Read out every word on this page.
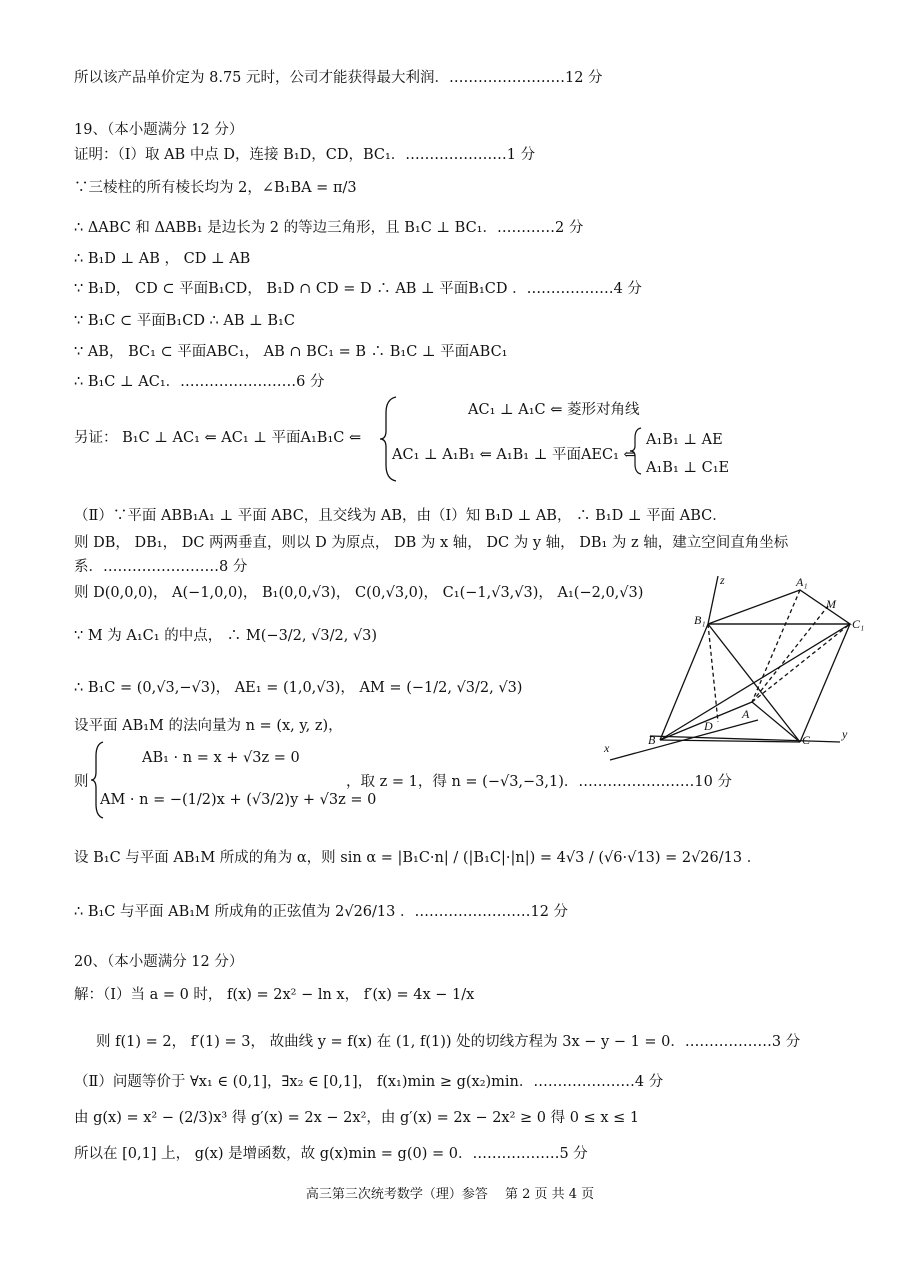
所以该产品单价定为 8.75 元时，公司才能获得最大利润．……………………12 分
19、（本小题满分 12 分）
证明：（Ⅰ）取 AB 中点 D，连接 B₁D，CD，BC₁．…………………1 分
∵三棱柱的所有棱长均为 2，∠B₁BA = π/3
∴ ΔABC 和 ΔABB₁ 是边长为 2 的等边三角形，且 B₁C ⊥ BC₁．…………2 分
∴ B₁D ⊥ AB ， CD ⊥ AB
∵ B₁D， CD ⊂ 平面B₁CD， B₁D ∩ CD = D ∴ AB ⊥ 平面B₁CD ．………………4 分
∵ B₁C ⊂ 平面B₁CD ∴ AB ⊥ B₁C
∵ AB， BC₁ ⊂ 平面ABC₁， AB ∩ BC₁ = B ∴ B₁C ⊥ 平面ABC₁
∴ B₁C ⊥ AC₁．……………………6 分
另证： B₁C ⊥ AC₁ ⇐ AC₁ ⊥ 平面A₁B₁C ⇐
AC₁ ⊥ A₁C ⇐ 菱形对角线
AC₁ ⊥ A₁B₁ ⇐ A₁B₁ ⊥ 平面AEC₁ ⇐
A₁B₁ ⊥ AE
A₁B₁ ⊥ C₁E
（Ⅱ）∵平面 ABB₁A₁ ⊥ 平面 ABC，且交线为 AB，由（Ⅰ）知 B₁D ⊥ AB， ∴ B₁D ⊥ 平面 ABC．
则 DB， DB₁， DC 两两垂直，则以 D 为原点， DB 为 x 轴， DC 为 y 轴， DB₁ 为 z 轴，建立空间直角坐标
系．……………………8 分
则 D(0,0,0)， A(−1,0,0)， B₁(0,0,√3)， C(0,√3,0)， C₁(−1,√3,√3)， A₁(−2,0,√3)
∵ M 为 A₁C₁ 的中点， ∴ M(−3/2, √3/2, √3)
∴ B₁C = (0,√3,−√3)， AE₁ = (1,0,√3)， AM = (−1/2, √3/2, √3)
设平面 AB₁M 的法向量为 n = (x, y, z)，
则
AB₁ · n = x + √3z = 0
AM · n = −(1/2)x + (√3/2)y + √3z = 0
，取 z = 1，得 n = (−√3,−3,1)．……………………10 分
设 B₁C 与平面 AB₁M 所成的角为 α，则 sin α = |B₁C·n| / (|B₁C|·|n|) = 4√3 / (√6·√13) = 2√26/13 ．
∴ B₁C 与平面 AB₁M 所成角的正弦值为 2√26/13 ．……………………12 分
20、（本小题满分 12 分）
解：（Ⅰ）当 a = 0 时， f(x) = 2x² − ln x， f′(x) = 4x − 1/x
则 f(1) = 2， f′(1) = 3， 故曲线 y = f(x) 在 (1, f(1)) 处的切线方程为 3x − y − 1 = 0．………………3 分
（Ⅱ）问题等价于 ∀x₁ ∈ (0,1]，∃x₂ ∈ [0,1]， f(x₁)min ≥ g(x₂)min．…………………4 分
由 g(x) = x² − (2/3)x³ 得 g′(x) = 2x − 2x²，由 g′(x) = 2x − 2x² ≥ 0 得 0 ≤ x ≤ 1
所以在 [0,1] 上， g(x) 是增函数，故 g(x)min = g(0) = 0．………………5 分
z	A₁
M
B₁	C₁
A
D
x
B	C	y
高三第三次统考数学（理）参答　 第 2 页 共 4 页
